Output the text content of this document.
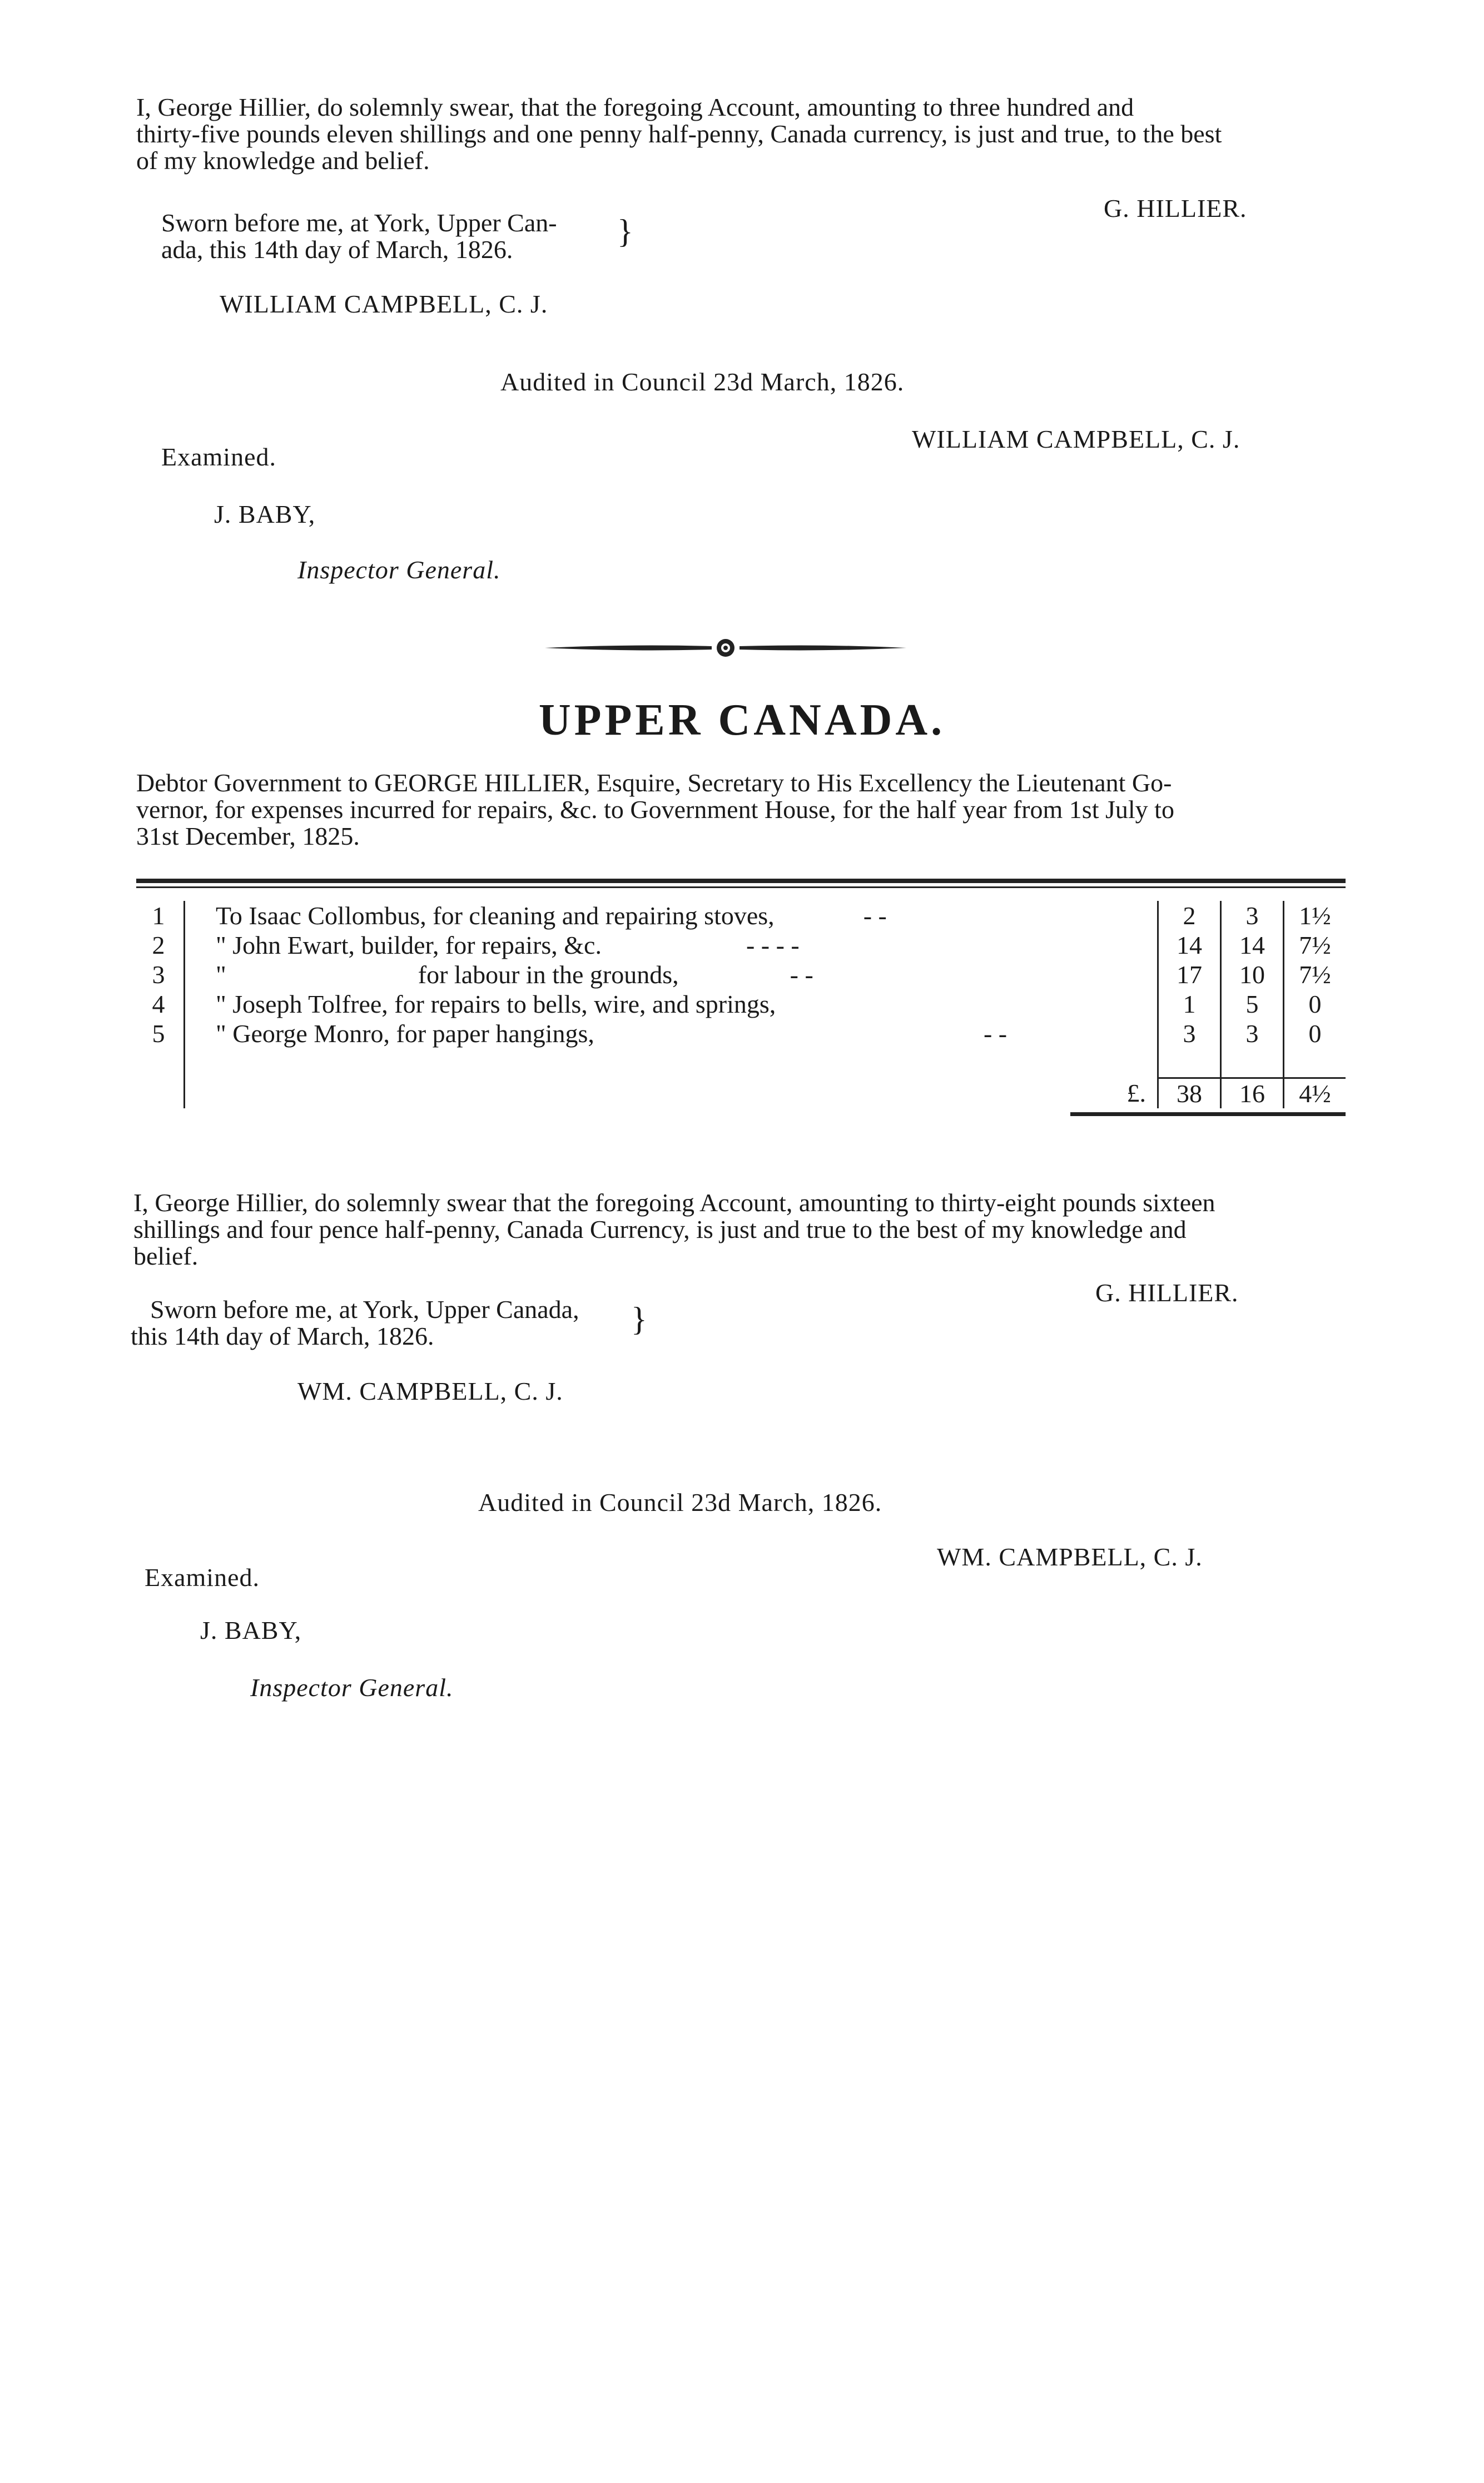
I, George Hillier, do solemnly swear, that the foregoing Account, amounting to three hundred and
thirty-five pounds eleven shillings and one penny half-penny, Canada currency, is just and true, to the best
of my knowledge and belief.
G. HILLIER.
Sworn before me, at York, Upper Can-
ada, this 14th day of March, 1826.	}
WILLIAM CAMPBELL, C. J.
Audited in Council 23d March, 1826.
WILLIAM CAMPBELL, C. J.
Examined.
J. BABY,
Inspector General.
UPPER CANADA.
Debtor Government to GEORGE HILLIER, Esquire, Secretary to His Excellency the Lieutenant Go-
vernor, for expenses incurred for repairs, &c. to Government House, for the half year from 1st July to
31st December, 1825.
1	To Isaac Collombus, for cleaning and repairing stoves, - -	2	3	1½
2	" John Ewart, builder, for repairs, &c. - - - -	14	14	7½
3	"                              for labour in the grounds, - -	17	10	7½
4	" Joseph Tolfree, for repairs to bells, wire, and springs,	1	5	0
5	" George Monro, for paper hangings, - -	3	3	0

	£.	38	16	4½
I, George Hillier, do solemnly swear that the foregoing Account, amounting to thirty-eight pounds sixteen
shillings and four pence half-penny, Canada Currency, is just and true to the best of my knowledge and
belief.
G. HILLIER.
Sworn before me, at York, Upper Canada,
this 14th day of March, 1826.	}
WM. CAMPBELL, C. J.
Audited in Council 23d March, 1826.
WM. CAMPBELL, C. J.
Examined.
J. BABY,
Inspector General.
